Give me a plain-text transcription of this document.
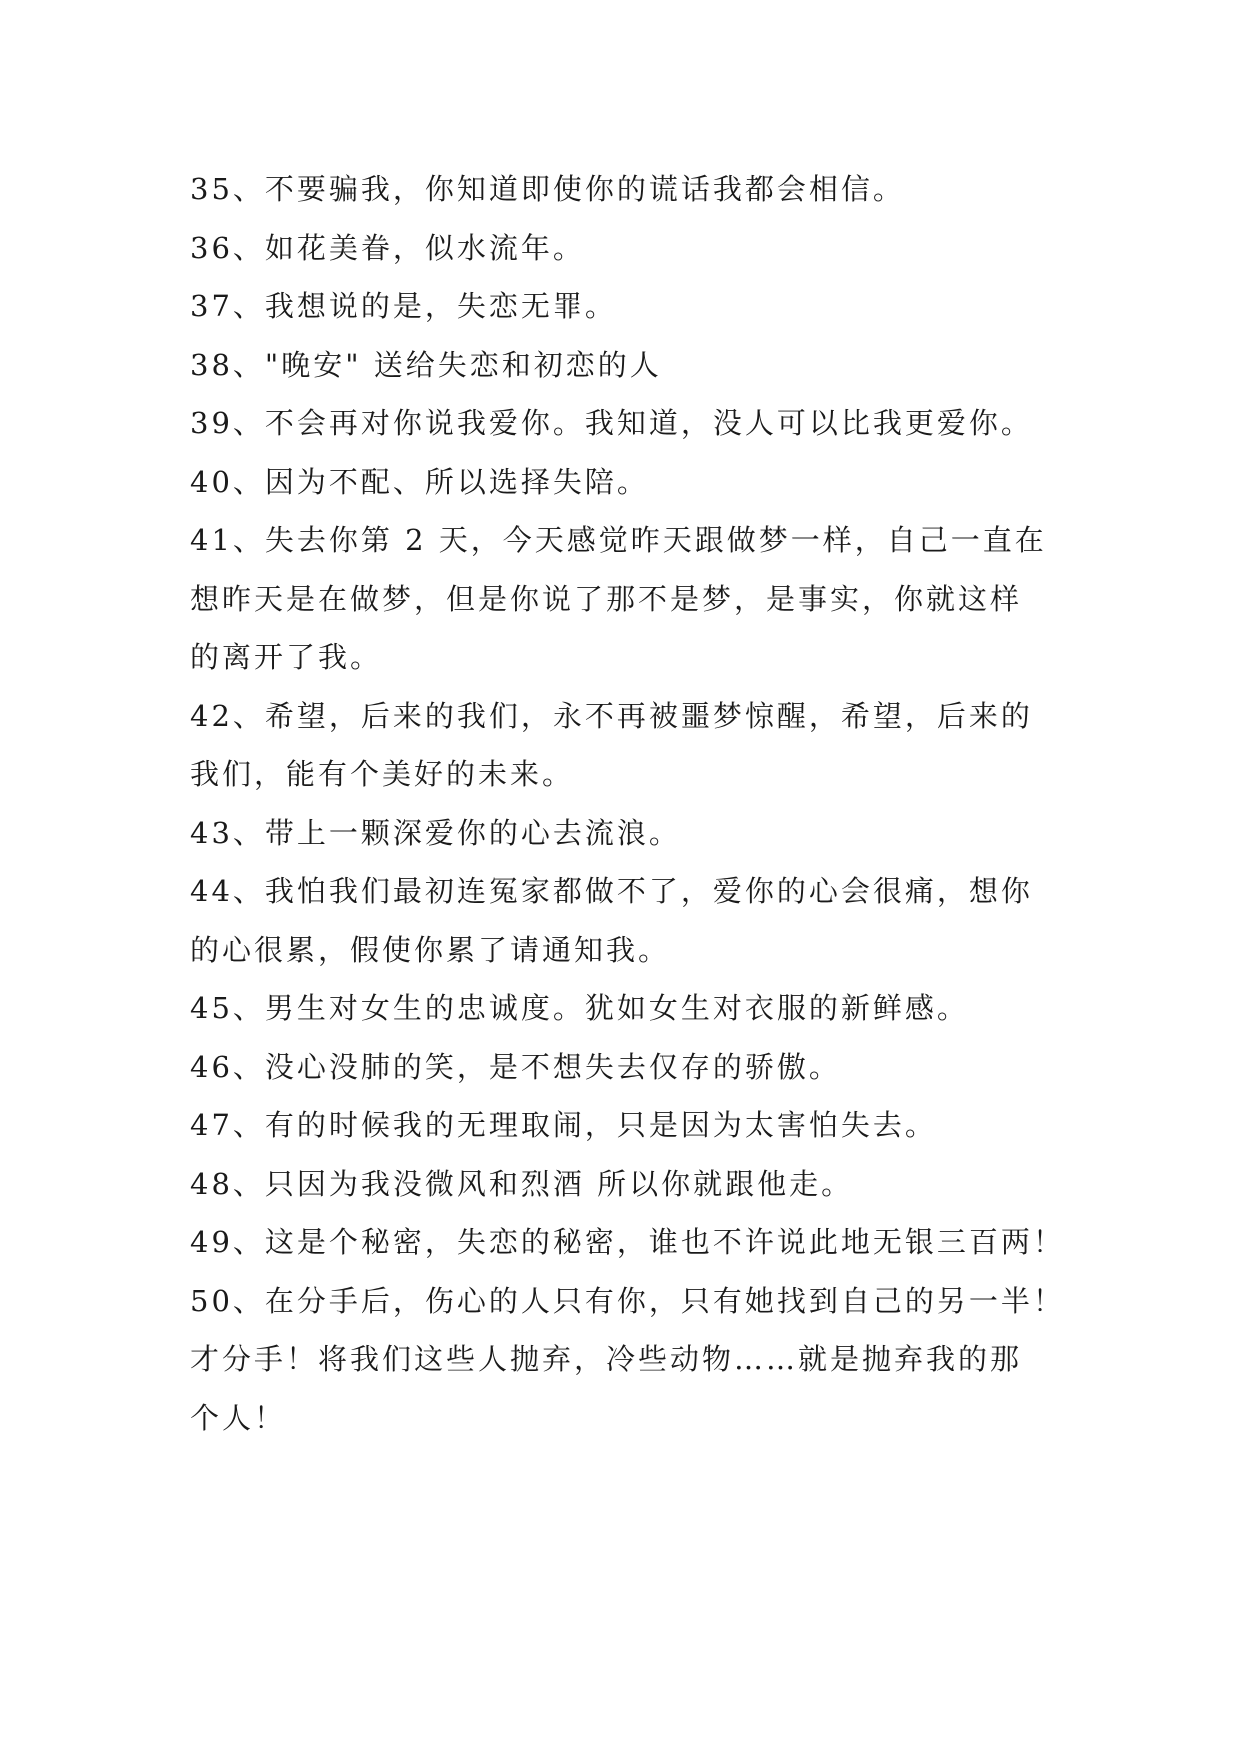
35、不要骗我，你知道即使你的谎话我都会相信。
36、如花美眷，似水流年。
37、我想说的是，失恋无罪。
38、"晚安" 送给失恋和初恋的人
39、不会再对你说我爱你。我知道，没人可以比我更爱你。
40、因为不配、所以选择失陪。
41、失去你第 2 天，今天感觉昨天跟做梦一样，自己一直在
想昨天是在做梦，但是你说了那不是梦，是事实，你就这样
的离开了我。
42、希望，后来的我们，永不再被噩梦惊醒，希望，后来的
我们，能有个美好的未来。
43、带上一颗深爱你的心去流浪。
44、我怕我们最初连冤家都做不了，爱你的心会很痛，想你
的心很累，假使你累了请通知我。
45、男生对女生的忠诚度。犹如女生对衣服的新鲜感。
46、没心没肺的笑，是不想失去仅存的骄傲。
47、有的时候我的无理取闹，只是因为太害怕失去。
48、只因为我没微风和烈酒 所以你就跟他走。
49、这是个秘密，失恋的秘密，谁也不许说此地无银三百两！
50、在分手后，伤心的人只有你，只有她找到自己的另一半！
才分手！将我们这些人抛弃，冷些动物……就是抛弃我的那
个人！
